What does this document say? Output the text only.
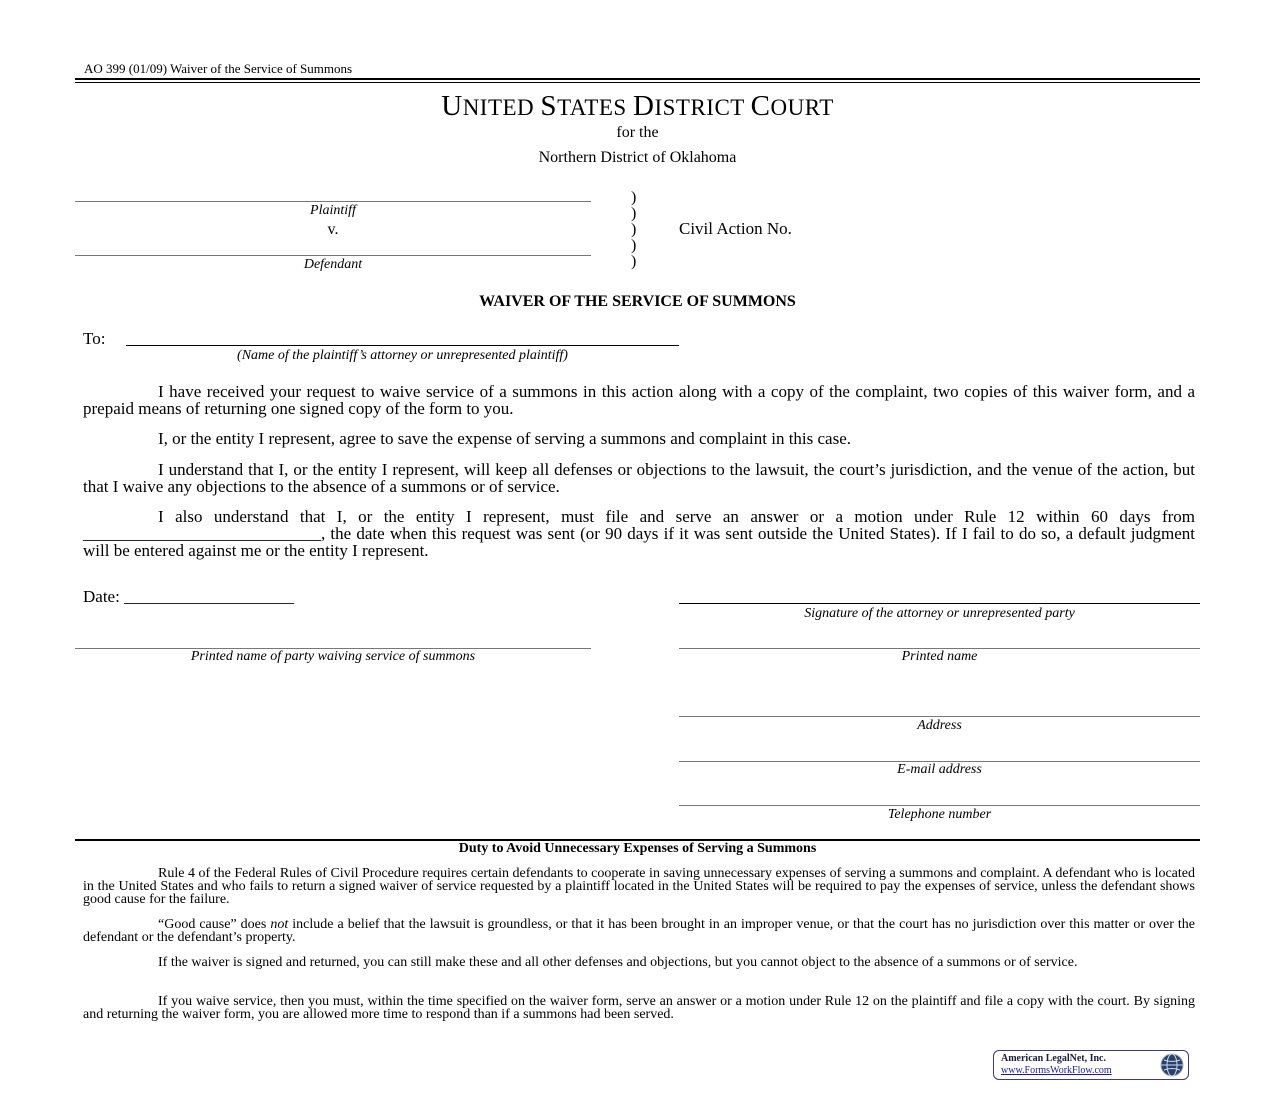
AO 399 (01/09) Waiver of the Service of Summons
UNITED STATES DISTRICT COURT
for the
Northern District of Oklahoma
Plaintiff
v.
Defendant
)
)
)
)
)
Civil Action No.
WAIVER OF THE SERVICE OF SUMMONS
To:
(Name of the plaintiff’s attorney or unrepresented plaintiff)

I have received your request to waive service of a summons in this action along with a copy of the complaint, two copies of this waiver form, and a prepaid means of returning one signed copy of the form to you.

I, or the entity I represent, agree to save the expense of serving a summons and complaint in this case.

I understand that I, or the entity I represent, will keep all defenses or objections to the lawsuit, the court’s jurisdiction, and the venue of the action, but that I waive any objections to the absence of a summons or of service.

I also understand that I, or the entity I represent, must file and serve an answer or a motion under Rule 12 within 60 days from ____________________________, the date when this request was sent (or 90 days if it was sent outside the United States). If I fail to do so, a default judgment will be entered against me or the entity I represent.

Date: ____________________
Signature of the attorney or unrepresented party
Printed name of party waiving service of summons	Printed name
Address
E-mail address
Telephone number
Duty to Avoid Unnecessary Expenses of Serving a Summons

Rule 4 of the Federal Rules of Civil Procedure requires certain defendants to cooperate in saving unnecessary expenses of serving a summons and complaint. A defendant who is located in the United States and who fails to return a signed waiver of service requested by a plaintiff located in the United States will be required to pay the expenses of service, unless the defendant shows good cause for the failure.

“Good cause” does not include a belief that the lawsuit is groundless, or that it has been brought in an improper venue, or that the court has no jurisdiction over this matter or over the defendant or the defendant’s property.

If the waiver is signed and returned, you can still make these and all other defenses and objections, but you cannot object to the absence of a summons or of service.

If you waive service, then you must, within the time specified on the waiver form, serve an answer or a motion under Rule 12 on the plaintiff and file a copy with the court. By signing and returning the waiver form, you are allowed more time to respond than if a summons had been served.

American LegalNet, Inc.
www.FormsWorkFlow.com
